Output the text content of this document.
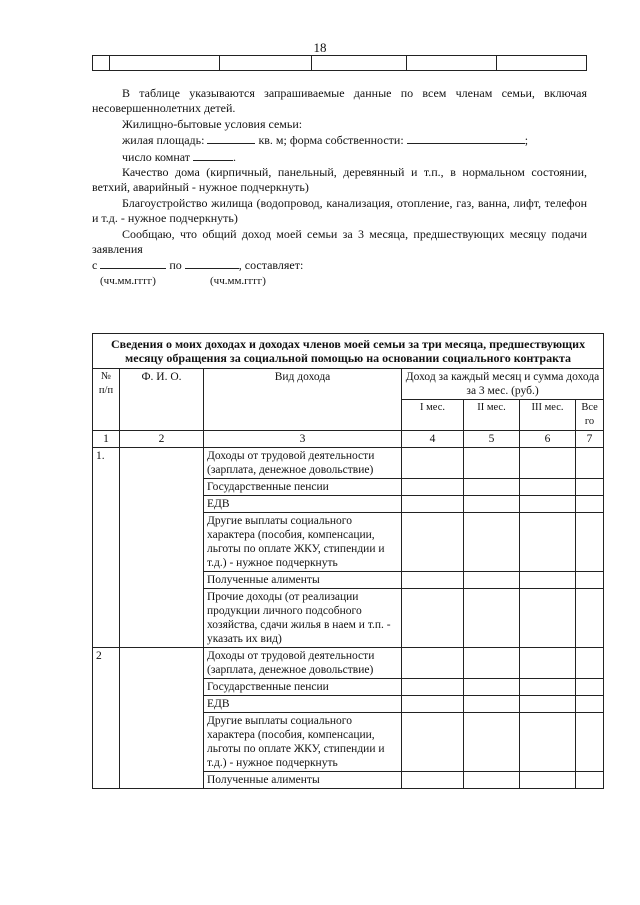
18

В таблице указываются запрашиваемые данные по всем членам семьи, включая несовершеннолетних детей.

Жилищно-бытовые условия семьи:

жилая площадь:	кв. м; форма собственности:	;

число комнат	.

Качество дома (кирпичный, панельный, деревянный и т.п., в нормальном состоянии, ветхий, аварийный - нужное подчеркнуть)

Благоустройство жилища (водопровод, канализация, отопление, газ, ванна, лифт, телефон и т.д. - нужное подчеркнуть)

Сообщаю, что общий доход моей семьи за 3 месяца, предшествующих месяцу подачи заявления

с	по	, составляет:

(чч.мм.гггг)	(чч.мм.гггг)

Сведения о моих доходах и доходах членов моей семьи за три месяца, предшествующих месяцу обращения за социальной помощью на основании социального контракта						
№ п/п	Ф. И. О.	Вид дохода	Доход за каждый месяц и сумма дохода за 3 мес. (руб.)			
			I мес.	II мес.	III мес.	Все го
1	2	3	4	5	6	7
1.		Доходы от трудовой деятельности (зарплата, денежное довольствие)				
		Государственные пенсии				
		ЕДВ				
		Другие выплаты социального характера (пособия, компенсации, льготы по оплате ЖКУ, стипендии и т.д.) - нужное подчеркнуть				
		Полученные алименты				
		Прочие доходы (от реализации продукции личного подсобного хозяйства, сдачи жилья в наем и т.п. - указать их вид)				
2		Доходы от трудовой деятельности (зарплата, денежное довольствие)				
		Государственные пенсии				
		ЕДВ				
		Другие выплаты социального характера (пособия, компенсации, льготы по оплате ЖКУ, стипендии и т.д.) - нужное подчеркнуть				
		Полученные алименты				
